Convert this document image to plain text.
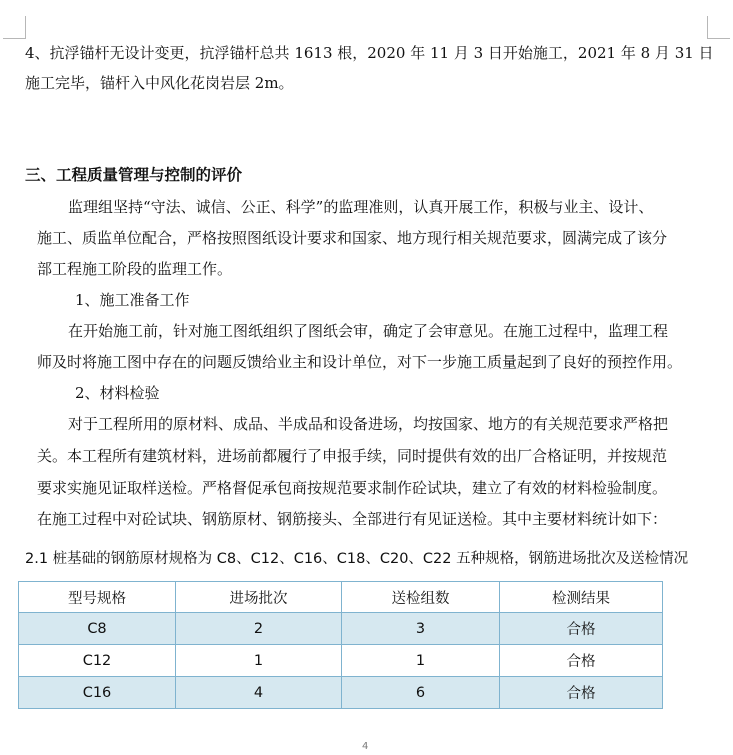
4、抗浮锚杆无设计变更，抗浮锚杆总共 1613 根，2020 年 11 月 3 日开始施工，2021 年 8 月 31 日
施工完毕，锚杆入中风化花岗岩层 2m。
三、工程质量管理与控制的评价
监理组坚持“守法、诚信、公正、科学”的监理准则，认真开展工作，积极与业主、设计、
施工、质监单位配合，严格按照图纸设计要求和国家、地方现行相关规范要求，圆满完成了该分
部工程施工阶段的监理工作。
1、施工准备工作
在开始施工前，针对施工图纸组织了图纸会审，确定了会审意见。在施工过程中，监理工程
师及时将施工图中存在的问题反馈给业主和设计单位，对下一步施工质量起到了良好的预控作用。
2、材料检验
对于工程所用的原材料、成品、半成品和设备进场，均按国家、地方的有关规范要求严格把
关。本工程所有建筑材料，进场前都履行了申报手续，同时提供有效的出厂合格证明，并按规范
要求实施见证取样送检。严格督促承包商按规范要求制作砼试块，建立了有效的材料检验制度。
在施工过程中对砼试块、钢筋原材、钢筋接头、全部进行有见证送检。其中主要材料统计如下：
2.1 桩基础的钢筋原材规格为 C8、C12、C16、C18、C20、C22 五种规格，钢筋进场批次及送检情况
型号规格	进场批次	送检组数	检测结果
C8	2	3	合格
C12	1	1	合格
C16	4	6	合格
4
